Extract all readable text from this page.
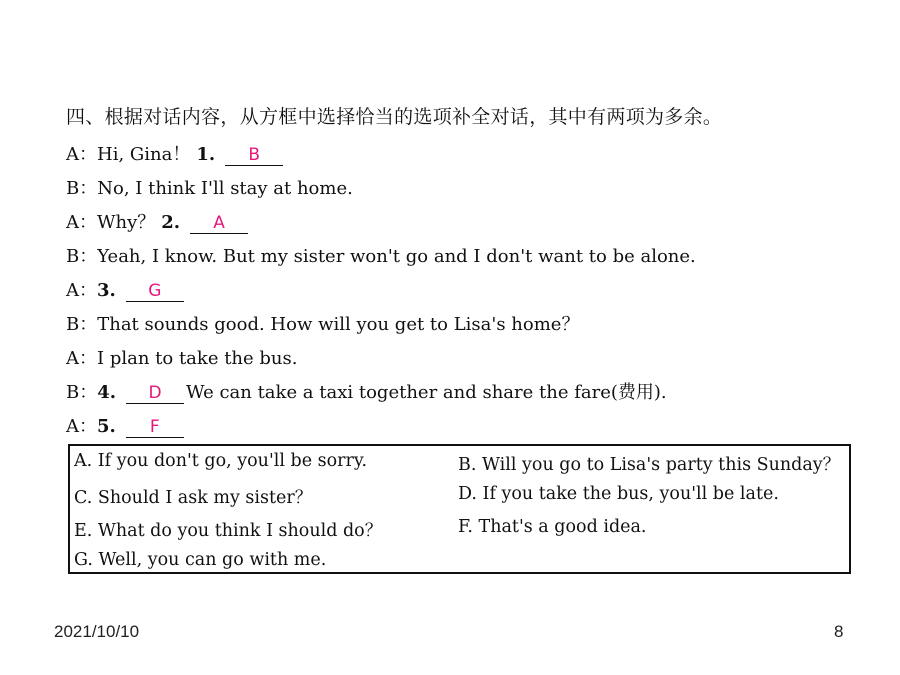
四、根据对话内容，从方框中选择恰当的选项补全对话，其中有两项为多余。
A：Hi, Gina！ 1.	B
B：No, I think I'll stay at home.
A：Why？ 2.	A
B：Yeah, I know. But my sister won't go and I don't want to be alone.
A： 3.	G
B：That sounds good. How will you get to Lisa's home？
A：I plan to take the bus.
B： 4.	D	We can take a taxi together and share the fare(费用).
A： 5.	F
A. If you don't go, you'll be sorry.	B. Will you go to Lisa's party this Sunday？
C. Should I ask my sister？	D. If you take the bus, you'll be late.
E. What do you think I should do？	F. That's a good idea.
G. Well, you can go with me.
2021/10/10	8
